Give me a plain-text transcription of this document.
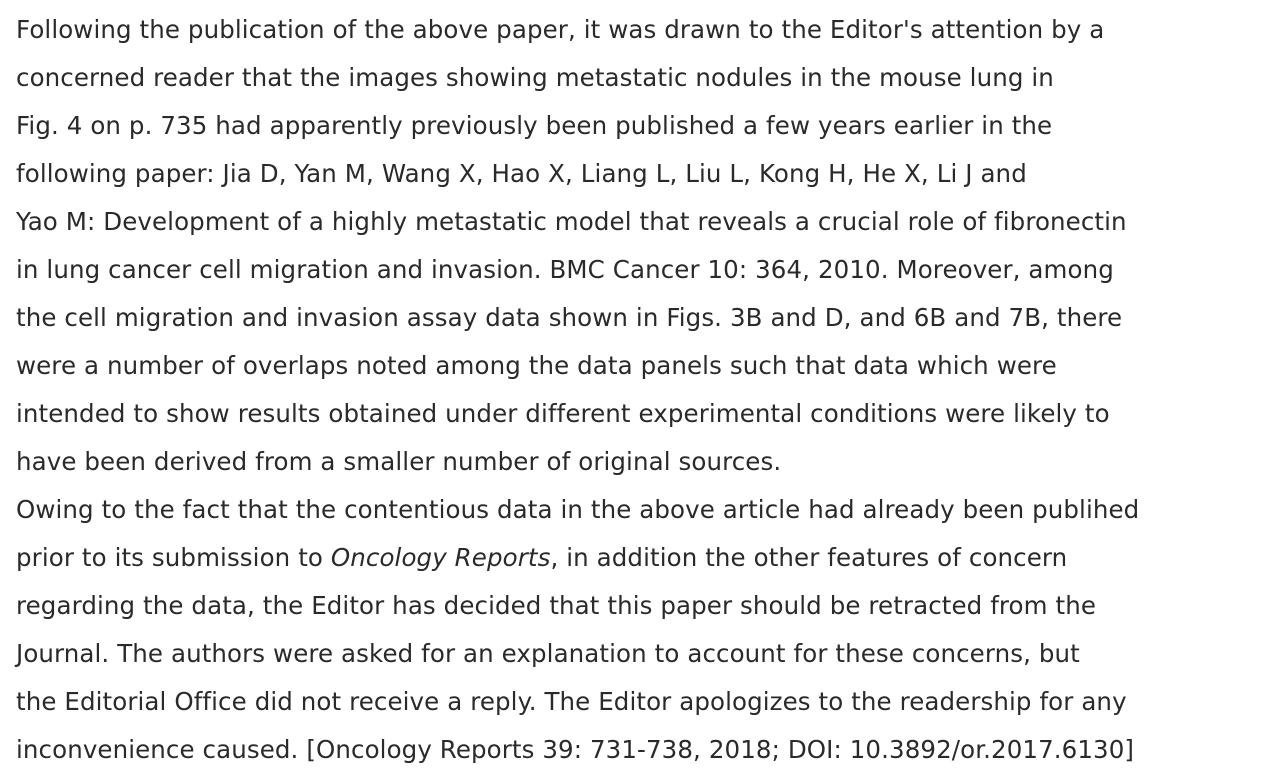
Following the publication of the above paper, it was drawn to the Editor's attention by a
concerned reader that the images showing metastatic nodules in the mouse lung in
Fig. 4 on p. 735 had apparently previously been published a few years earlier in the
following paper: Jia D, Yan M, Wang X, Hao X, Liang L, Liu L, Kong H, He X, Li J and
Yao M: Development of a highly metastatic model that reveals a crucial role of fibronectin
in lung cancer cell migration and invasion. BMC Cancer 10: 364, 2010. Moreover, among
the cell migration and invasion assay data shown in Figs. 3B and D, and 6B and 7B, there
were a number of overlaps noted among the data panels such that data which were
intended to show results obtained under different experimental conditions were likely to
have been derived from a smaller number of original sources.
Owing to the fact that the contentious data in the above article had already been publihed
prior to its submission to Oncology Reports, in addition the other features of concern
regarding the data, the Editor has decided that this paper should be retracted from the
Journal. The authors were asked for an explanation to account for these concerns, but
the Editorial Office did not receive a reply. The Editor apologizes to the readership for any
inconvenience caused. [Oncology Reports 39: 731-738, 2018; DOI: 10.3892/or.2017.6130]
